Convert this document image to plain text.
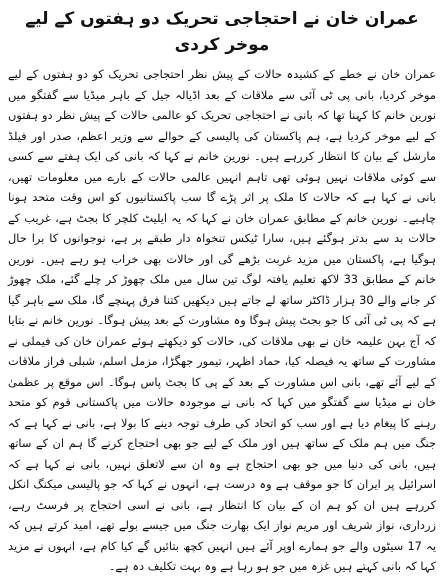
عمران خان نے احتجاجی تحریک دو ہفتوں کے لیے موخر کردی

عمران خان نے خطے کے کشیدہ حالات کے پیش نظر احتجاجی تحریک کو دو ہفتوں کے لیے موخر کردیا، بانی پی ٹی آئی سے ملاقات کے بعد اڈیالہ جیل کے باہر میڈیا سے گفتگو میں نورین خانم کا کہنا تھا کہ بانی نے احتجاجی تحریک کو عالمی حالات کے پیش نظر دو ہفتوں کے لیے موخر کردیا ہے، ہم پاکستان کی پالیسی کے حوالے سے وزیر اعظم، صدر اور فیلڈ مارشل کے بیان کا انتظار کررہے ہیں۔ نورین خانم نے کہا کہ بانی کی ایک ہفتے سے کسی سے کوئی ملاقات نہیں ہوئی تھی تاہم انہیں عالمی حالات کے بارے میں معلومات تھیں، بانی نے کہا ہے کہ حالات کا ملک پر اثر پڑے گا سب پاکستانیوں کو اس وقت متحد ہونا چاہیے۔ نورین خانم کے مطابق عمران خان نے کہا کہ یہ ایلیٹ کلچر کا بجٹ ہے، غریب کے حالات بد سے بدتر ہوگئے ہیں، سارا ٹیکس تنخواہ دار طبقے پر ہے، نوجوانوں کا برا حال ہوگیا ہے، پاکستان میں مزید غربت بڑھے گی اور حالات بھی خراب ہو رہے ہیں۔ نورین خانم کے مطابق 33 لاکھ تعلیم یافتہ لوگ تین سال میں ملک چھوڑ کر چلے گئے، ملک چھوڑ کر جانے والے 30 ہزار ڈاکٹر ساتھ لے جاتے ہیں دیکھیں کتنا فرق پہنچے گا، ملک سے باہر گیا ہے کہ پی ٹی آئی کا جو بجٹ پیش ہوگا وہ مشاورت کے بعد پیش ہوگا۔ نورین خانم نے بتایا کہ آج بہن علیمہ خان نے بھی ملاقات کی، حالات کو دیکھتے ہوئے عمران خان کی فیملی نے مشاورت کے ساتھ یہ فیصلہ کیا، حماد اظہر، تیمور جھگڑا، مزمل اسلم، شبلی فراز ملاقات کے لیے آئے تھے، بانی اس مشاورت کے بعد کے پی کا بجٹ پاس ہوگا۔ اس موقع پر عظمیٰ خان نے میڈیا سے گفتگو میں کہا کہ بانی نے موجودہ حالات میں پاکستانی قوم کو متحد رہنے کا پیغام دیا ہے اور سب کو اتحاد کی طرف توجہ دینے کا بولا ہے، بانی نے کہا ہے کہ جنگ میں ہم ملک کے ساتھ ہیں اور ملک کے لیے جو بھی احتجاج کرنے گا ہم ان کے ساتھ ہیں، بانی کی دنیا میں جو بھی احتجاج ہے وہ ان سے لاتعلق نہیں، بانی نے کہا ہے کہ اسرائیل پر ایران کا جو موقف ہے وہ درست ہے، انہوں نے کہا کہ جو پالیسی میکنگ انکل کررہے ہیں ان کو ہم ان کے بیان کا انتظار ہے، بانی نے اسی احتجاج پر فرسٹ رہے، زرداری، نواز شریف اور مریم نواز ایک بھارت جنگ میں جیسے بولے تھے، امید کرتے ہیں کہ یہ 17 سیٹوں والے جو ہمارے اوپر آئے ہیں انہیں کچھ بتائیں گے کیا کام ہے، انہوں نے مزید کہا کہ بانی کہتے ہیں غزہ میں جو ہو رہا ہے وہ بہت تکلیف دہ ہے۔
